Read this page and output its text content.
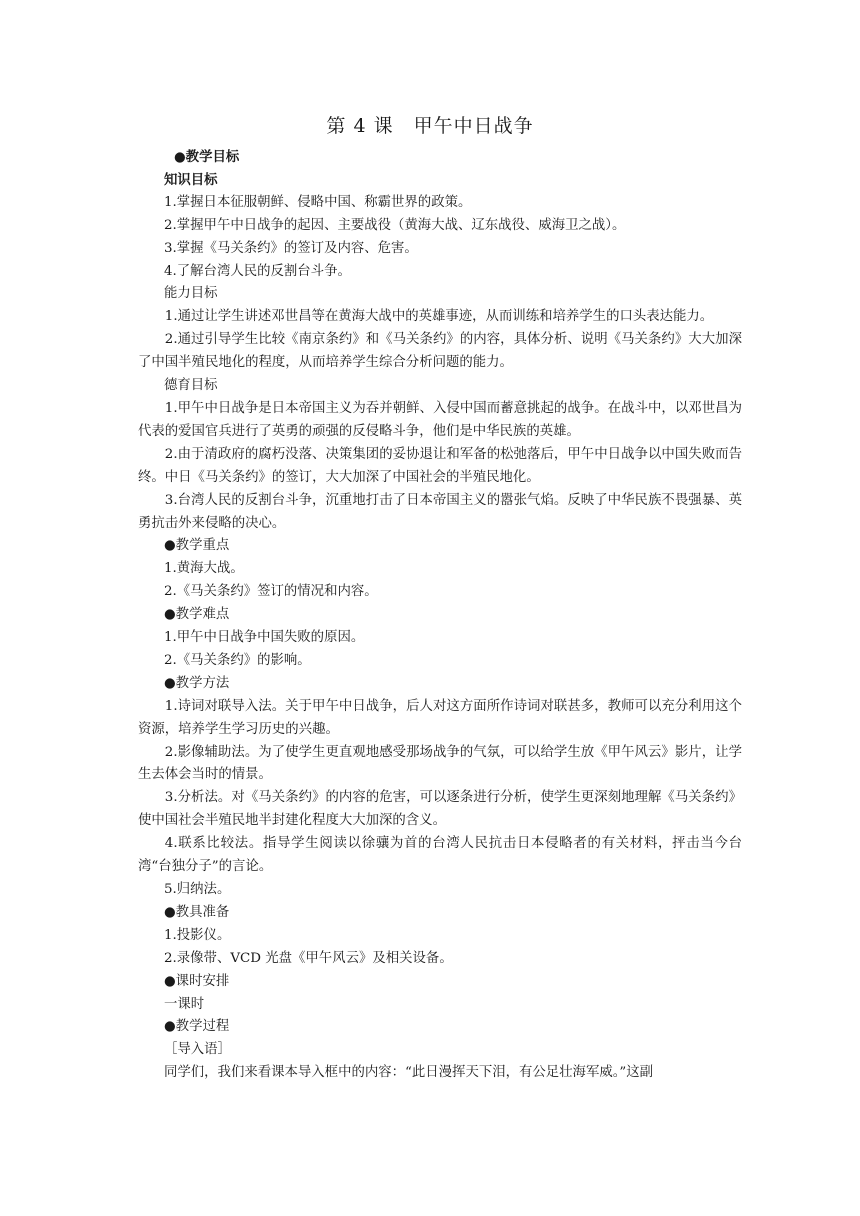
第 4 课　甲午中日战争
●教学目标
知识目标
1.掌握日本征服朝鲜、侵略中国、称霸世界的政策。
2.掌握甲午中日战争的起因、主要战役（黄海大战、辽东战役、威海卫之战）。
3.掌握《马关条约》的签订及内容、危害。
4.了解台湾人民的反割台斗争。
能力目标
1.通过让学生讲述邓世昌等在黄海大战中的英雄事迹，从而训练和培养学生的口头表达能力。
2.通过引导学生比较《南京条约》和《马关条约》的内容，具体分析、说明《马关条约》大大加深了中国半殖民地化的程度，从而培养学生综合分析问题的能力。
德育目标
1.甲午中日战争是日本帝国主义为吞并朝鲜、入侵中国而蓄意挑起的战争。在战斗中，以邓世昌为代表的爱国官兵进行了英勇的顽强的反侵略斗争，他们是中华民族的英雄。
2.由于清政府的腐朽没落、决策集团的妥协退让和军备的松弛落后，甲午中日战争以中国失败而告终。中日《马关条约》的签订，大大加深了中国社会的半殖民地化。
3.台湾人民的反割台斗争，沉重地打击了日本帝国主义的嚣张气焰。反映了中华民族不畏强暴、英勇抗击外来侵略的决心。
●教学重点
1.黄海大战。
2.《马关条约》签订的情况和内容。
●教学难点
1.甲午中日战争中国失败的原因。
2.《马关条约》的影响。
●教学方法
1.诗词对联导入法。关于甲午中日战争，后人对这方面所作诗词对联甚多，教师可以充分利用这个资源，培养学生学习历史的兴趣。
2.影像辅助法。为了使学生更直观地感受那场战争的气氛，可以给学生放《甲午风云》影片，让学生去体会当时的情景。
3.分析法。对《马关条约》的内容的危害，可以逐条进行分析，使学生更深刻地理解《马关条约》使中国社会半殖民地半封建化程度大大加深的含义。
4.联系比较法。指导学生阅读以徐骧为首的台湾人民抗击日本侵略者的有关材料，抨击当今台湾“台独分子”的言论。
5.归纳法。
●教具准备
1.投影仪。
2.录像带、VCD 光盘《甲午风云》及相关设备。
●课时安排
一课时
●教学过程
［导入语］
同学们，我们来看课本导入框中的内容：“此日漫挥天下泪，有公足壮海军威。”这副
